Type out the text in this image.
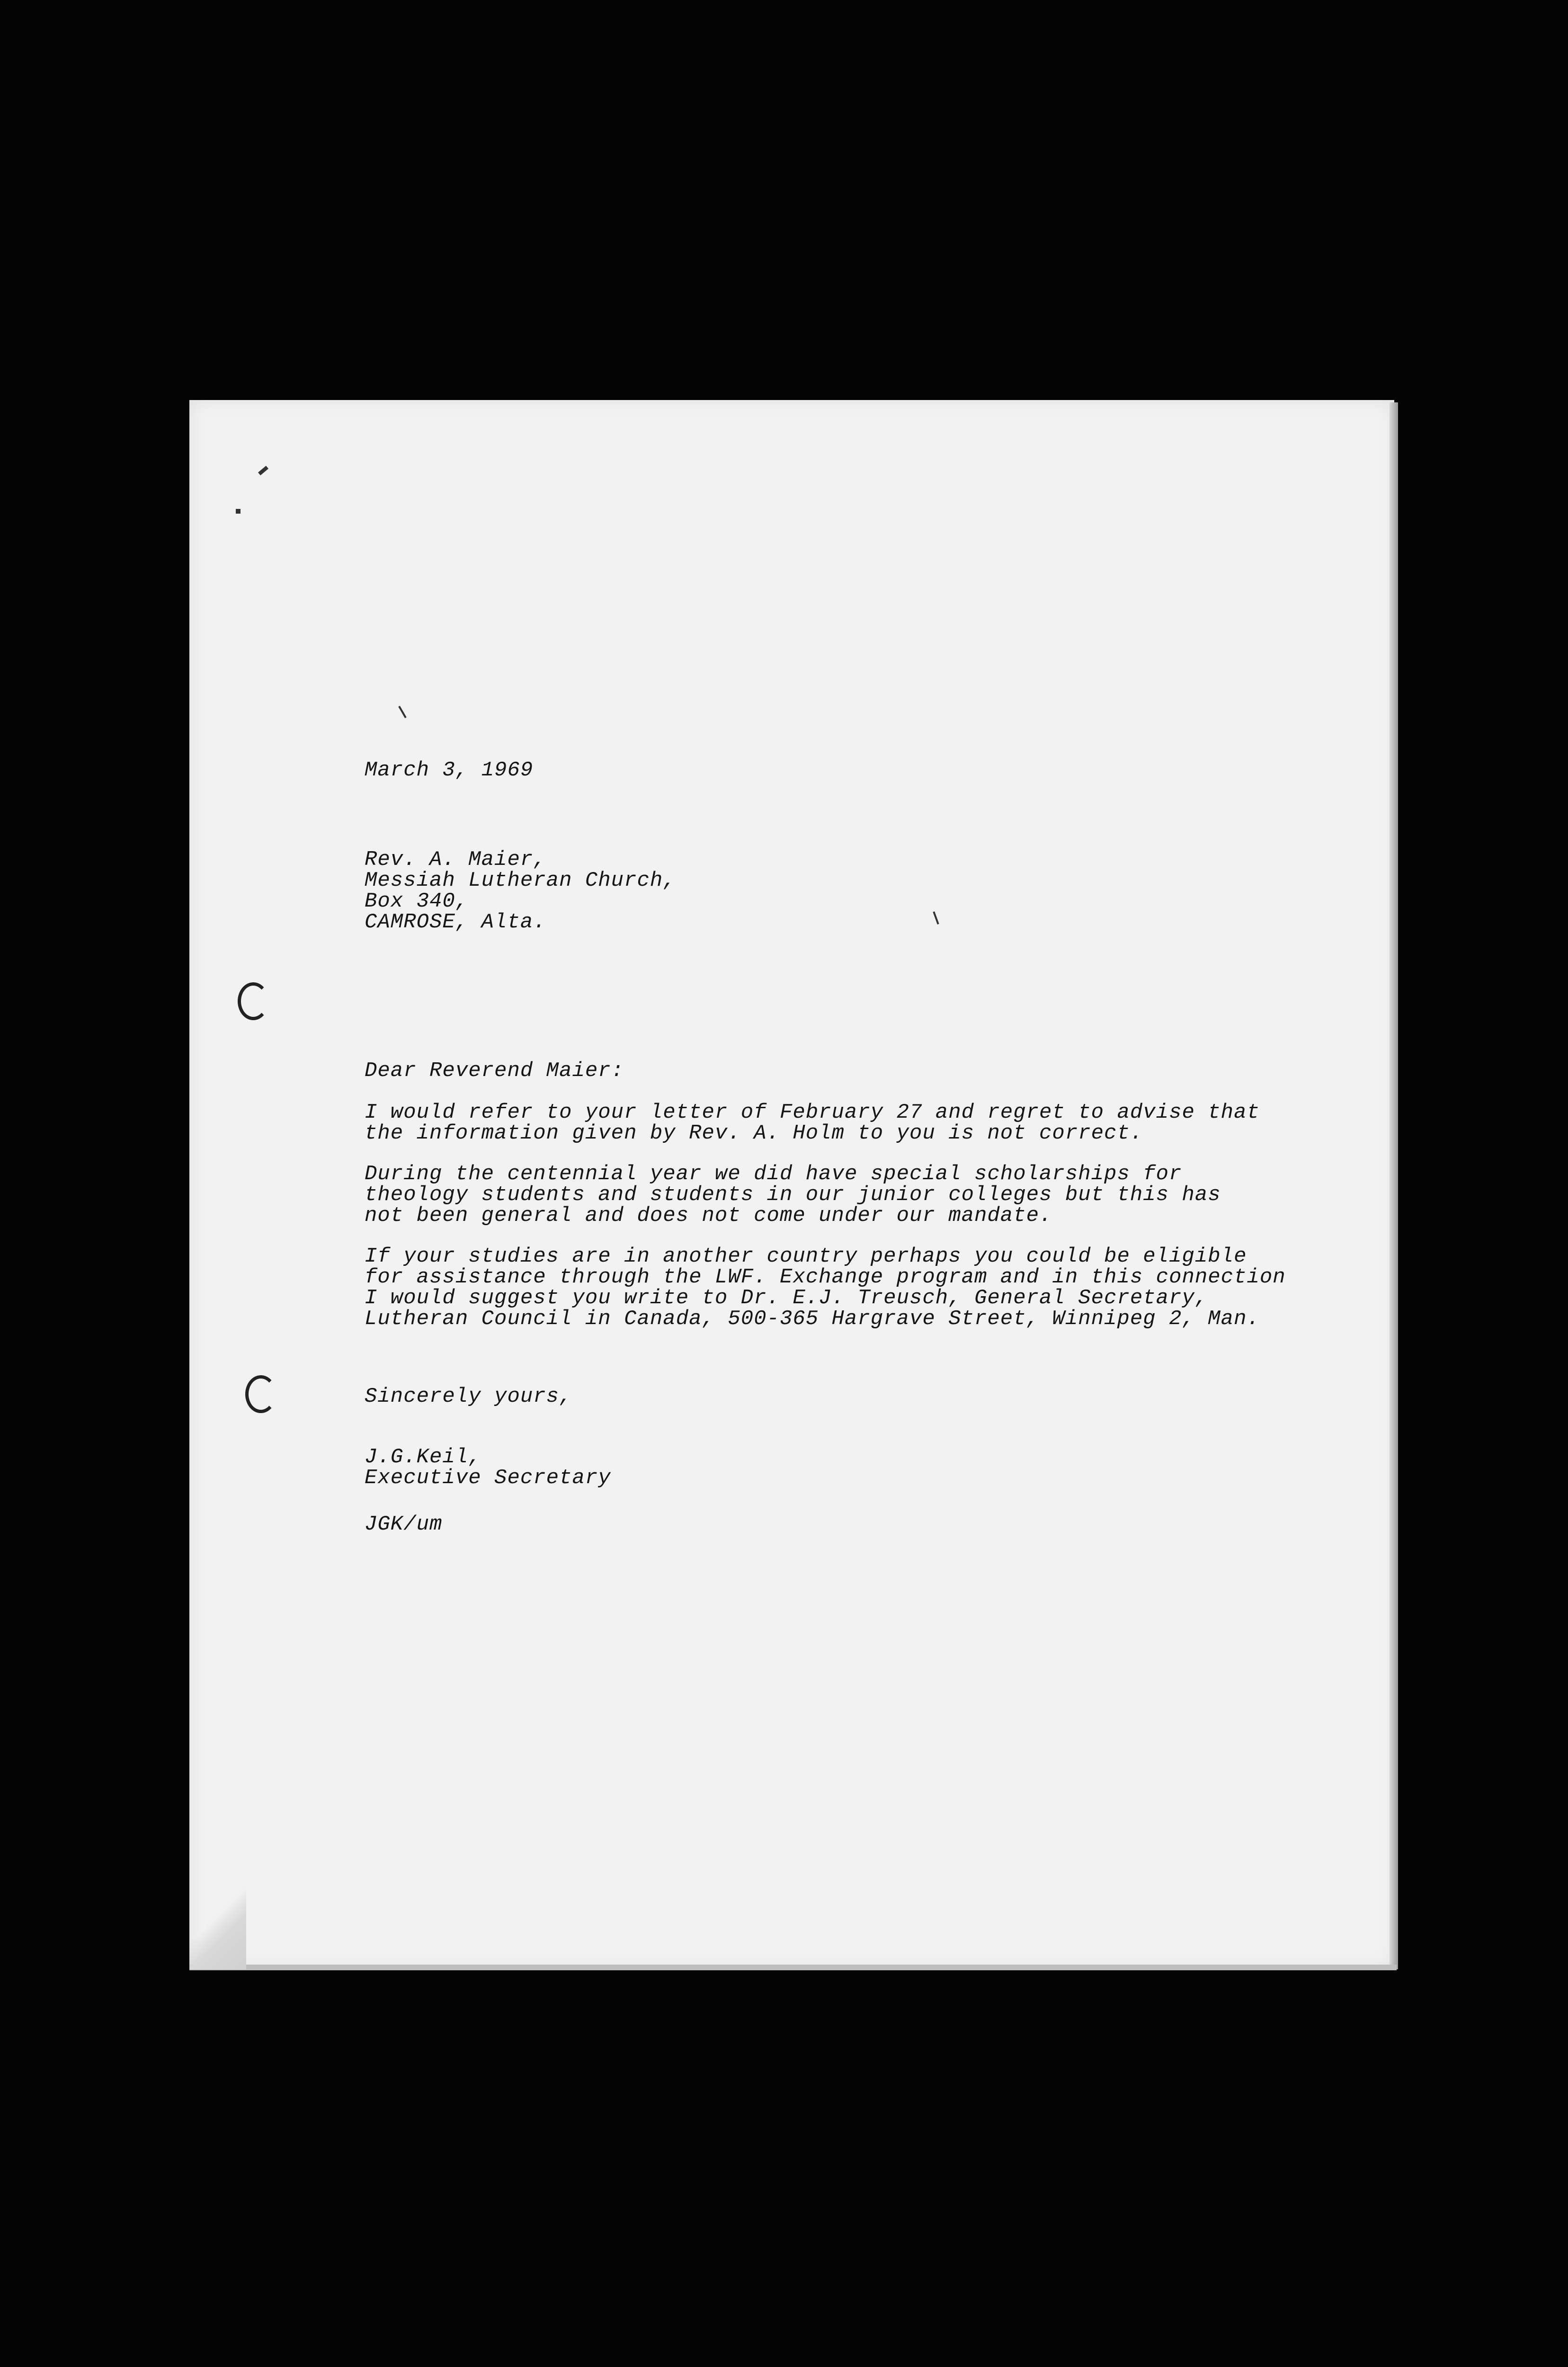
March 3, 1969
Rev. A. Maier,
Messiah Lutheran Church,
Box 340,
CAMROSE, Alta.
Dear Reverend Maier:
I would refer to your letter of February 27 and regret to advise that
the information given by Rev. A. Holm to you is not correct.
During the centennial year we did have special scholarships for
theology students and students in our junior colleges but this has
not been general and does not come under our mandate.
If your studies are in another country perhaps you could be eligible
for assistance through the LWF. Exchange program and in this connection
I would suggest you write to Dr. E.J. Treusch, General Secretary,
Lutheran Council in Canada, 500-365 Hargrave Street, Winnipeg 2, Man.
Sincerely yours,
J.G.Keil,
Executive Secretary
JGK/um
